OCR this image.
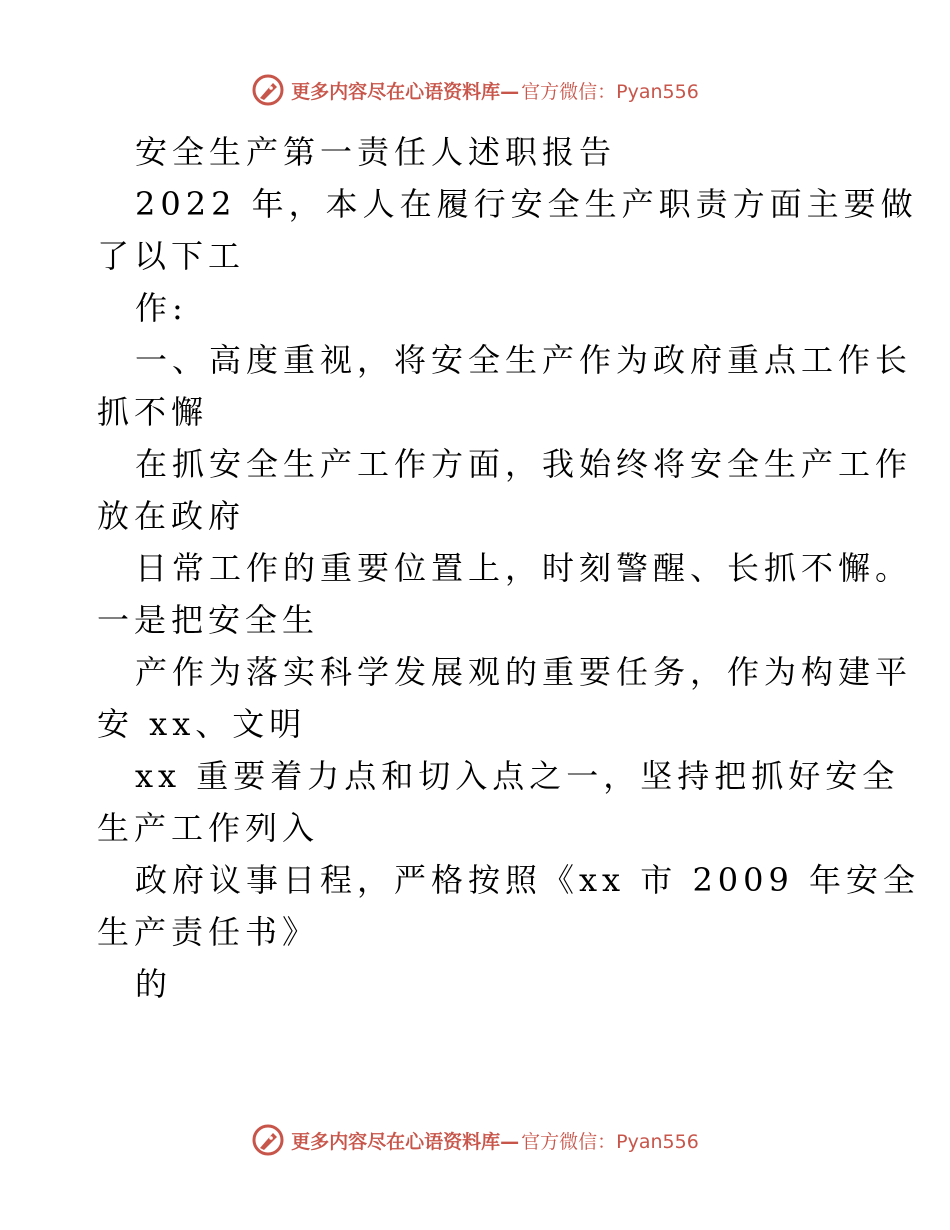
更多内容尽在心语资料库— 官方微信：Pyan556

安全生产第一责任人述职报告

2022 年，本人在履行安全生产职责方面主要做

了以下工

作:

一、高度重视，将安全生产作为政府重点工作长

抓不懈

在抓安全生产工作方面，我始终将安全生产工作

放在政府

日常工作的重要位置上，时刻警醒、长抓不懈。

一是把安全生

产作为落实科学发展观的重要任务，作为构建平

安 xx、文明

xx 重要着力点和切入点之一，坚持把抓好安全

生产工作列入

政府议事日程，严格按照《xx 市 2009 年安全

生产责任书》

的

更多内容尽在心语资料库— 官方微信：Pyan556
